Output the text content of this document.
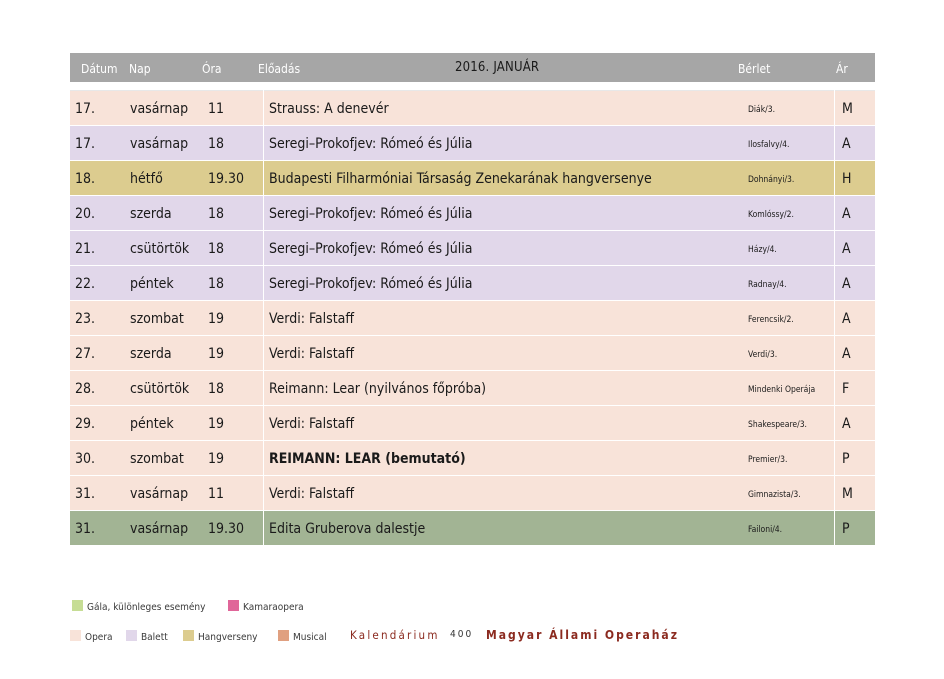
Dátum Nap	Óra	Előadás	2016. JANUÁR	Bérlet	Ár
17. vasárnap 11	Strauss: A denevér	Diák/3.	M
17. vasárnap 18	Seregi–Prokofjev: Rómeó és Júlia	Ilosfalvy/4.	A
18. hétfő	19.30 Budapesti Filharmóniai Társaság Zenekarának hangversenye	Dohnányi/3.	H
20. szerda	18	Seregi–Prokofjev: Rómeó és Júlia	Komlóssy/2.	A
21. csütörtök 18	Seregi–Prokofjev: Rómeó és Júlia	Házy/4.	A
22. péntek 18	Seregi–Prokofjev: Rómeó és Júlia	Radnay/4.	A
23. szombat 19	Verdi: Falstaff	Ferencsik/2.	A
27. szerda	19	Verdi: Falstaff	Verdi/3.	A
28. csütörtök 18	Reimann: Lear (nyilvános főpróba)	Mindenki Operája F
29. péntek 19	Verdi: Falstaff	Shakespeare/3.	A
30. szombat 19	REIMANN: LEAR (bemutató)	Premier/3.	P
31. vasárnap 11	Verdi: Falstaff	Gimnazista/3.	M
31. vasárnap 19.30 Edita Gruberova dalestje	Failoni/4.	P
Gála, különleges esemény	Kamaraopera
Opera	Balett	Hangverseny	Musical Kalendárium 400 Magyar Állami Operaház
